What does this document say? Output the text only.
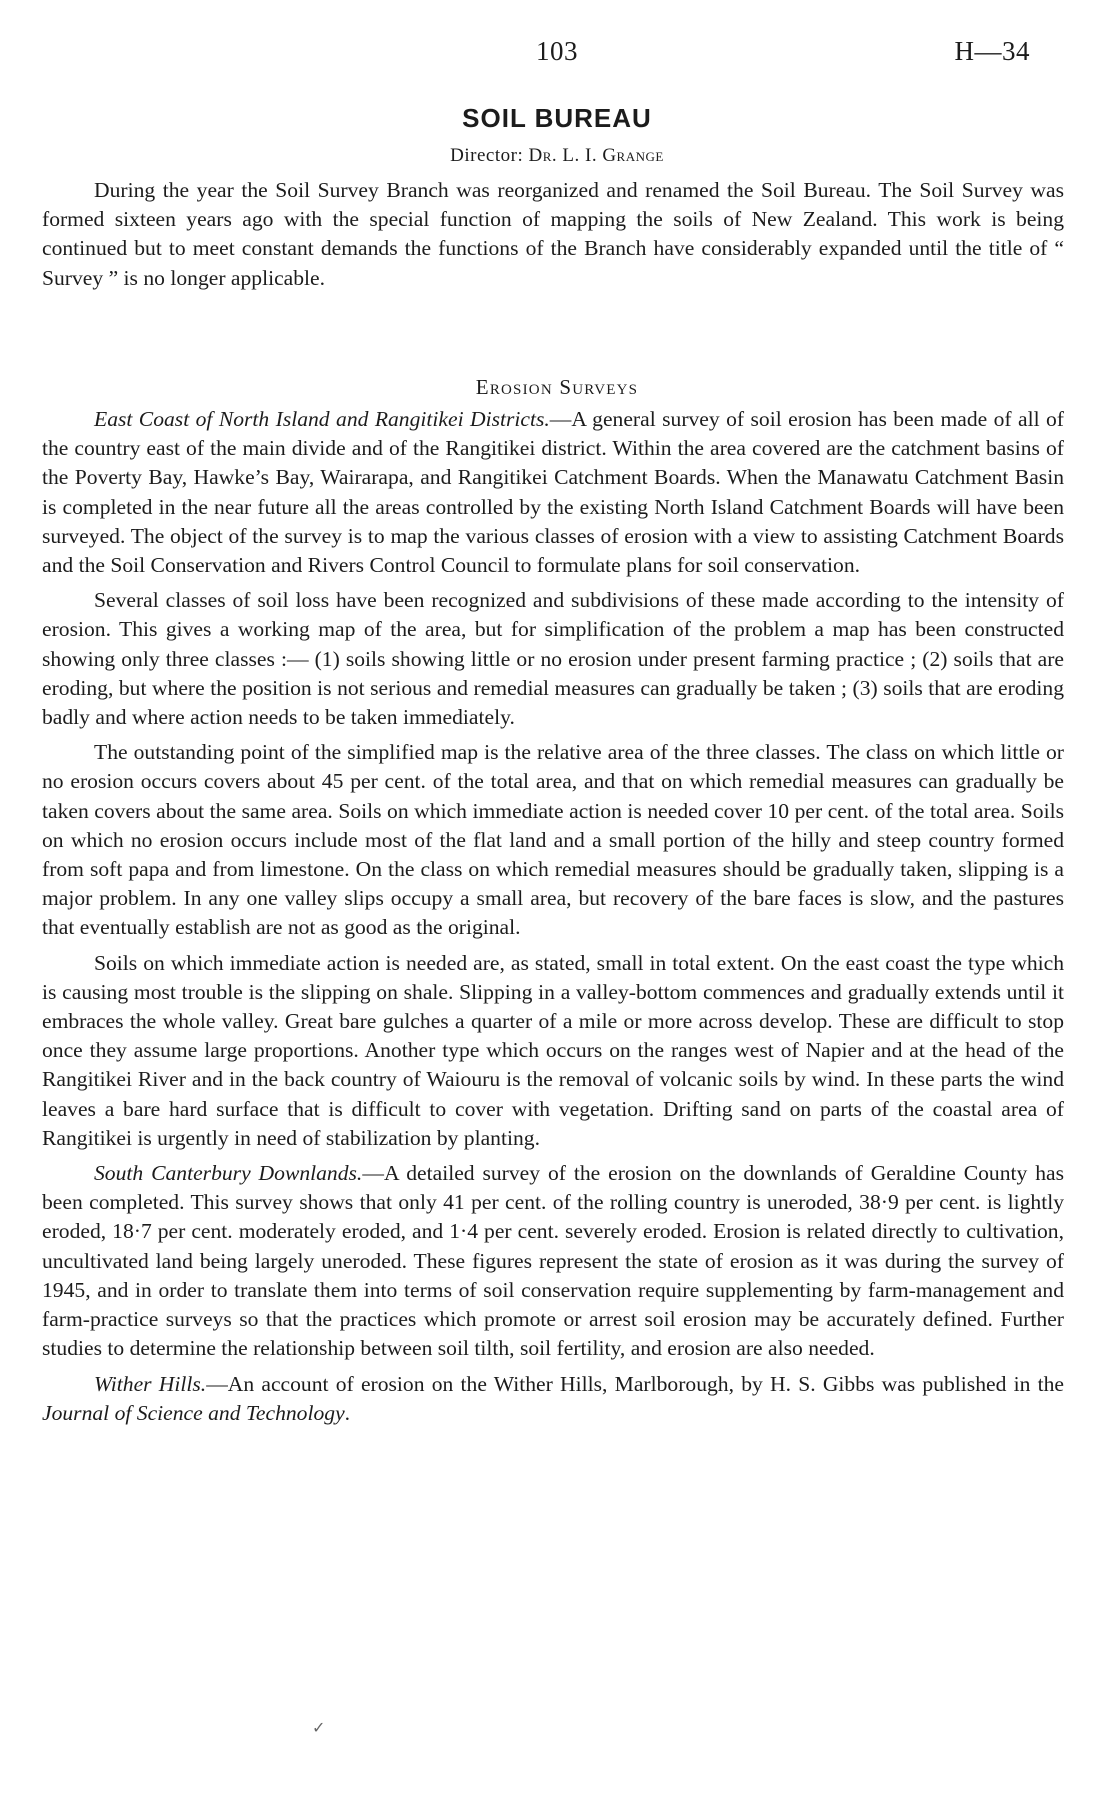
103	H—34
SOIL BUREAU
Director: Dr. L. I. Grange

During the year the Soil Survey Branch was reorganized and renamed the Soil Bureau. The Soil Survey was formed sixteen years ago with the special function of mapping the soils of New Zealand. This work is being continued but to meet constant demands the functions of the Branch have considerably expanded until the title of “ Survey ” is no longer applicable.

Erosion Surveys

East Coast of North Island and Rangitikei Districts.—A general survey of soil erosion has been made of all of the country east of the main divide and of the Rangitikei district. Within the area covered are the catchment basins of the Poverty Bay, Hawke’s Bay, Wairarapa, and Rangitikei Catchment Boards. When the Manawatu Catchment Basin is completed in the near future all the areas controlled by the existing North Island Catchment Boards will have been surveyed. The object of the survey is to map the various classes of erosion with a view to assisting Catchment Boards and the Soil Conservation and Rivers Control Council to formulate plans for soil conservation.

Several classes of soil loss have been recognized and subdivisions of these made according to the intensity of erosion. This gives a working map of the area, but for simplification of the problem a map has been constructed showing only three classes :— (1) soils showing little or no erosion under present farming practice ; (2) soils that are eroding, but where the position is not serious and remedial measures can gradually be taken ; (3) soils that are eroding badly and where action needs to be taken immediately.

The outstanding point of the simplified map is the relative area of the three classes. The class on which little or no erosion occurs covers about 45 per cent. of the total area, and that on which remedial measures can gradually be taken covers about the same area. Soils on which immediate action is needed cover 10 per cent. of the total area. Soils on which no erosion occurs include most of the flat land and a small portion of the hilly and steep country formed from soft papa and from limestone. On the class on which remedial measures should be gradually taken, slipping is a major problem. In any one valley slips occupy a small area, but recovery of the bare faces is slow, and the pastures that eventually establish are not as good as the original.

Soils on which immediate action is needed are, as stated, small in total extent. On the east coast the type which is causing most trouble is the slipping on shale. Slipping in a valley-bottom commences and gradually extends until it embraces the whole valley. Great bare gulches a quarter of a mile or more across develop. These are difficult to stop once they assume large proportions. Another type which occurs on the ranges west of Napier and at the head of the Rangitikei River and in the back country of Waiouru is the removal of volcanic soils by wind. In these parts the wind leaves a bare hard surface that is difficult to cover with vegetation. Drifting sand on parts of the coastal area of Rangitikei is urgently in need of stabilization by planting.

South Canterbury Downlands.—A detailed survey of the erosion on the downlands of Geraldine County has been completed. This survey shows that only 41 per cent. of the rolling country is uneroded, 38·9 per cent. is lightly eroded, 18·7 per cent. moderately eroded, and 1·4 per cent. severely eroded. Erosion is related directly to cultivation, uncultivated land being largely uneroded. These figures represent the state of erosion as it was during the survey of 1945, and in order to translate them into terms of soil conservation require supplementing by farm-management and farm-practice surveys so that the practices which promote or arrest soil erosion may be accurately defined. Further studies to determine the relationship between soil tilth, soil fertility, and erosion are also needed.

Wither Hills.—An account of erosion on the Wither Hills, Marlborough, by H. S. Gibbs was published in the Journal of Science and Technology.

✓
